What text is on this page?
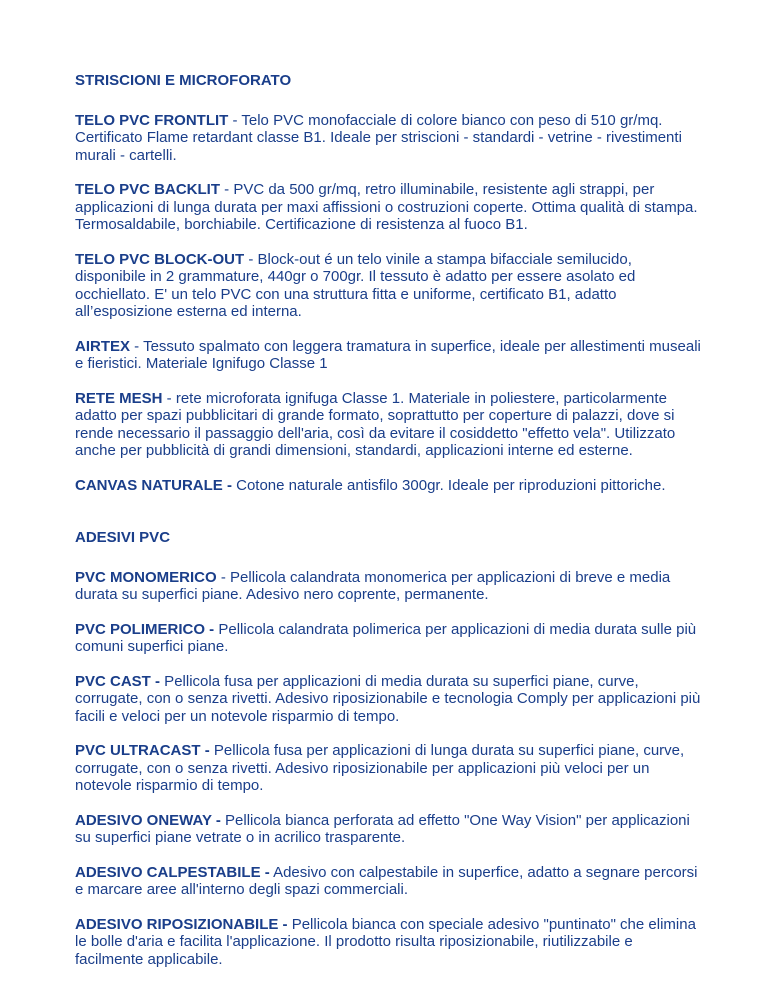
STRISCIONI E MICROFORATO

TELO PVC FRONTLIT - Telo PVC monofacciale di colore bianco con peso di 510 gr/mq. Certificato Flame retardant classe B1. Ideale per striscioni - standardi - vetrine - rivestimenti murali - cartelli.

TELO PVC BACKLIT - PVC da 500 gr/mq, retro illuminabile, resistente agli strappi, per applicazioni di lunga durata per maxi affissioni o costruzioni coperte. Ottima qualità di stampa. Termosaldabile, borchiabile. Certificazione di resistenza al fuoco B1.

TELO PVC BLOCK-OUT - Block-out é un telo vinile a stampa bifacciale semilucido, disponibile in 2 grammature, 440gr o 700gr. Il tessuto è adatto per essere asolato ed occhiellato. E' un telo PVC con una struttura fitta e uniforme, certificato B1, adatto all’esposizione esterna ed interna.

AIRTEX - Tessuto spalmato con leggera tramatura in superfice, ideale per allestimenti museali e fieristici. Materiale Ignifugo Classe 1

RETE MESH - rete microforata ignifuga Classe 1. Materiale in poliestere, particolarmente adatto per spazi pubblicitari di grande formato, soprattutto per coperture di palazzi, dove si rende necessario il passaggio dell'aria, così da evitare il cosiddetto "effetto vela". Utilizzato anche per pubblicità di grandi dimensioni, standardi, applicazioni interne ed esterne.

CANVAS NATURALE - Cotone naturale antisfilo 300gr. Ideale per riproduzioni pittoriche.

ADESIVI PVC

PVC MONOMERICO - Pellicola calandrata monomerica per applicazioni di breve e media durata su superfici piane. Adesivo nero coprente, permanente.

PVC POLIMERICO - Pellicola calandrata polimerica per applicazioni di media durata sulle più comuni superfici piane.

PVC CAST - Pellicola fusa per applicazioni di media durata su superfici piane, curve, corrugate, con o senza rivetti. Adesivo riposizionabile e tecnologia Comply per applicazioni più facili e veloci per un notevole risparmio di tempo.

PVC ULTRACAST - Pellicola fusa per applicazioni di lunga durata su superfici piane, curve, corrugate, con o senza rivetti. Adesivo riposizionabile per applicazioni più veloci per un notevole risparmio di tempo.

ADESIVO ONEWAY - Pellicola bianca perforata ad effetto "One Way Vision" per applicazioni su superfici piane vetrate o in acrilico trasparente.

ADESIVO CALPESTABILE - Adesivo con calpestabile in superfice, adatto a segnare percorsi e marcare aree all'interno degli spazi commerciali.

ADESIVO RIPOSIZIONABILE - Pellicola bianca con speciale adesivo "puntinato" che elimina le bolle d'aria e facilita l'applicazione. Il prodotto risulta riposizionabile, riutilizzabile e facilmente applicabile.
